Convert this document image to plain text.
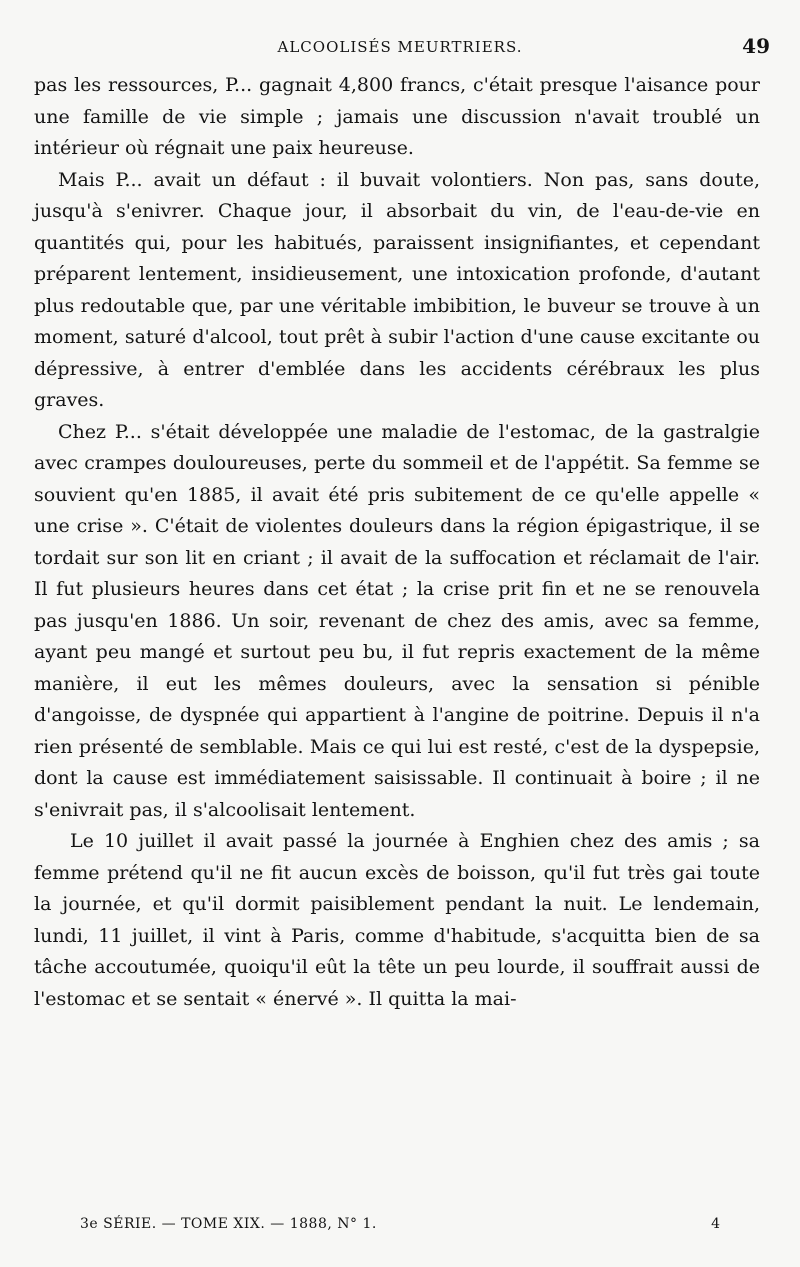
ALCOOLISÉS MEURTRIERS.	49

pas les ressources, P... gagnait 4,800 francs, c'était presque l'aisance pour une famille de vie simple ; jamais une discussion n'avait troublé un intérieur où régnait une paix heureuse.

Mais P... avait un défaut : il buvait volontiers. Non pas, sans doute, jusqu'à s'enivrer. Chaque jour, il absorbait du vin, de l'eau-de-vie en quantités qui, pour les habitués, paraissent insignifiantes, et cependant préparent lentement, insidieusement, une intoxication profonde, d'autant plus redoutable que, par une véritable imbibition, le buveur se trouve à un moment, saturé d'alcool, tout prêt à subir l'action d'une cause excitante ou dépressive, à entrer d'emblée dans les accidents cérébraux les plus graves.

Chez P... s'était développée une maladie de l'estomac, de la gastralgie avec crampes douloureuses, perte du sommeil et de l'appétit. Sa femme se souvient qu'en 1885, il avait été pris subitement de ce qu'elle appelle « une crise ». C'était de violentes douleurs dans la région épigastrique, il se tordait sur son lit en criant ; il avait de la suffocation et réclamait de l'air. Il fut plusieurs heures dans cet état ; la crise prit fin et ne se renouvela pas jusqu'en 1886. Un soir, revenant de chez des amis, avec sa femme, ayant peu mangé et surtout peu bu, il fut repris exactement de la même manière, il eut les mêmes douleurs, avec la sensation si pénible d'angoisse, de dyspnée qui appartient à l'angine de poitrine. Depuis il n'a rien présenté de semblable. Mais ce qui lui est resté, c'est de la dyspepsie, dont la cause est immédiatement saisissable. Il continuait à boire ; il ne s'enivrait pas, il s'alcoolisait lentement.

Le 10 juillet il avait passé la journée à Enghien chez des amis ; sa femme prétend qu'il ne fit aucun excès de boisson, qu'il fut très gai toute la journée, et qu'il dormit paisiblement pendant la nuit. Le lendemain, lundi, 11 juillet, il vint à Paris, comme d'habitude, s'acquitta bien de sa tâche accoutumée, quoiqu'il eût la tête un peu lourde, il souffrait aussi de l'estomac et se sentait « énervé ». Il quitta la mai-

3e SÉRIE. — TOME XIX. — 1888, N° 1.	4
